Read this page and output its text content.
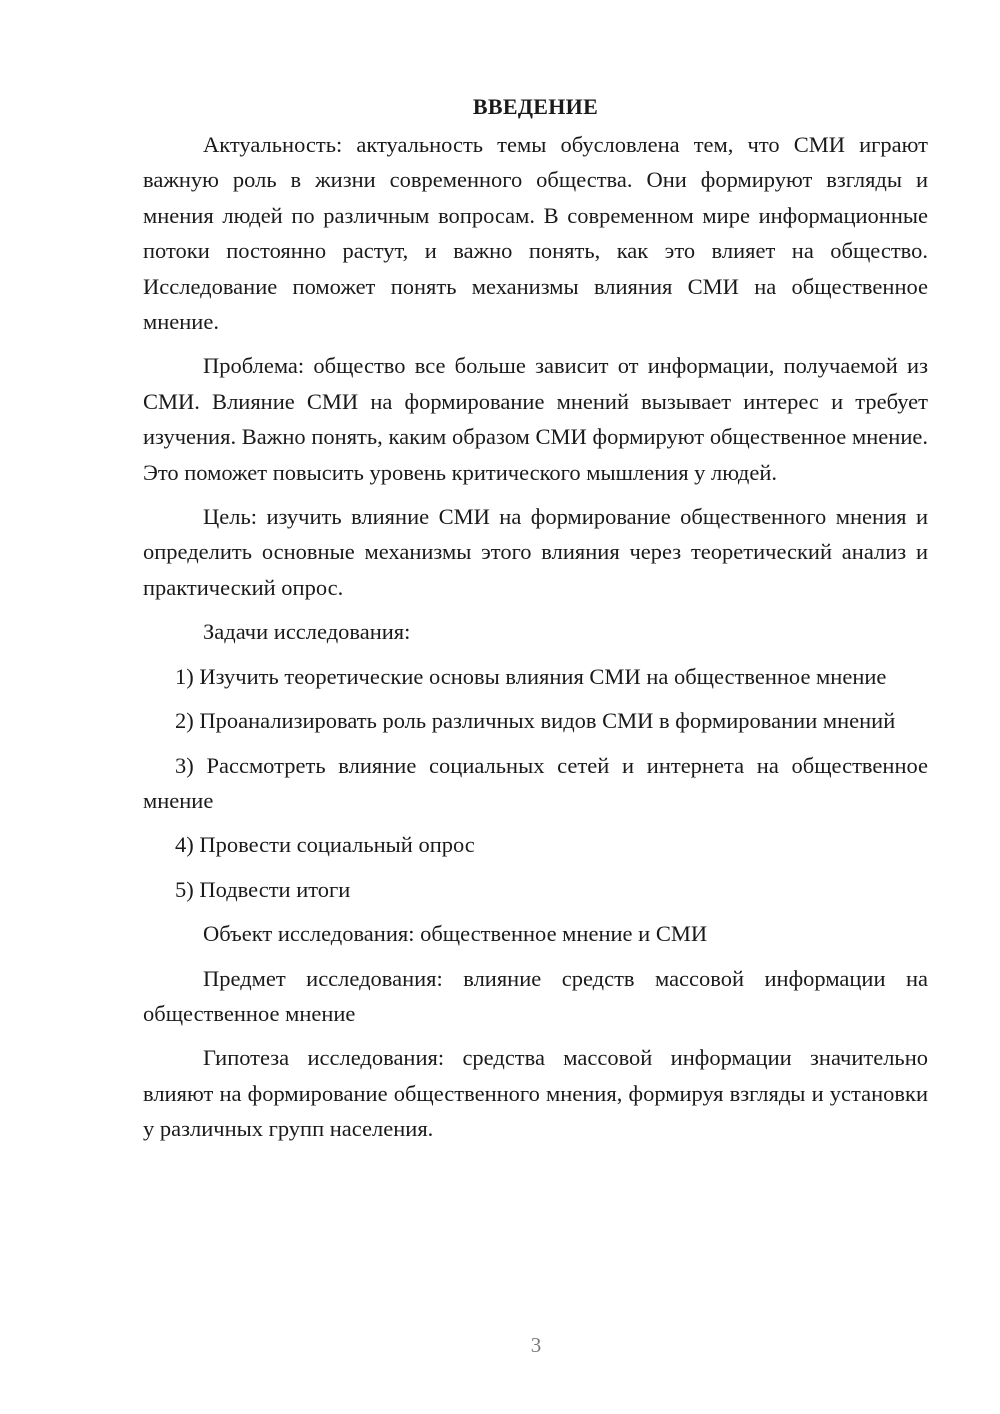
ВВЕДЕНИЕ

Актуальность: актуальность темы обусловлена тем, что СМИ играют важную роль в жизни современного общества. Они формируют взгляды и мнения людей по различным вопросам. В современном мире информационные потоки постоянно растут, и важно понять, как это влияет на общество. Исследование поможет понять механизмы влияния СМИ на общественное мнение.

Проблема: общество все больше зависит от информации, получаемой из СМИ. Влияние СМИ на формирование мнений вызывает интерес и требует изучения. Важно понять, каким образом СМИ формируют общественное мнение. Это поможет повысить уровень критического мышления у людей.

Цель: изучить влияние СМИ на формирование общественного мнения и определить основные механизмы этого влияния через теоретический анализ и практический опрос.

Задачи исследования:

1) Изучить теоретические основы влияния СМИ на общественное мнение

2) Проанализировать роль различных видов СМИ в формировании мнений

3) Рассмотреть влияние социальных сетей и интернета на общественное мнение

4) Провести социальный опрос

5) Подвести итоги

Объект исследования: общественное мнение и СМИ

Предмет исследования: влияние средств массовой информации на общественное мнение

Гипотеза исследования: средства массовой информации значительно влияют на формирование общественного мнения, формируя взгляды и установки у различных групп населения.

3
